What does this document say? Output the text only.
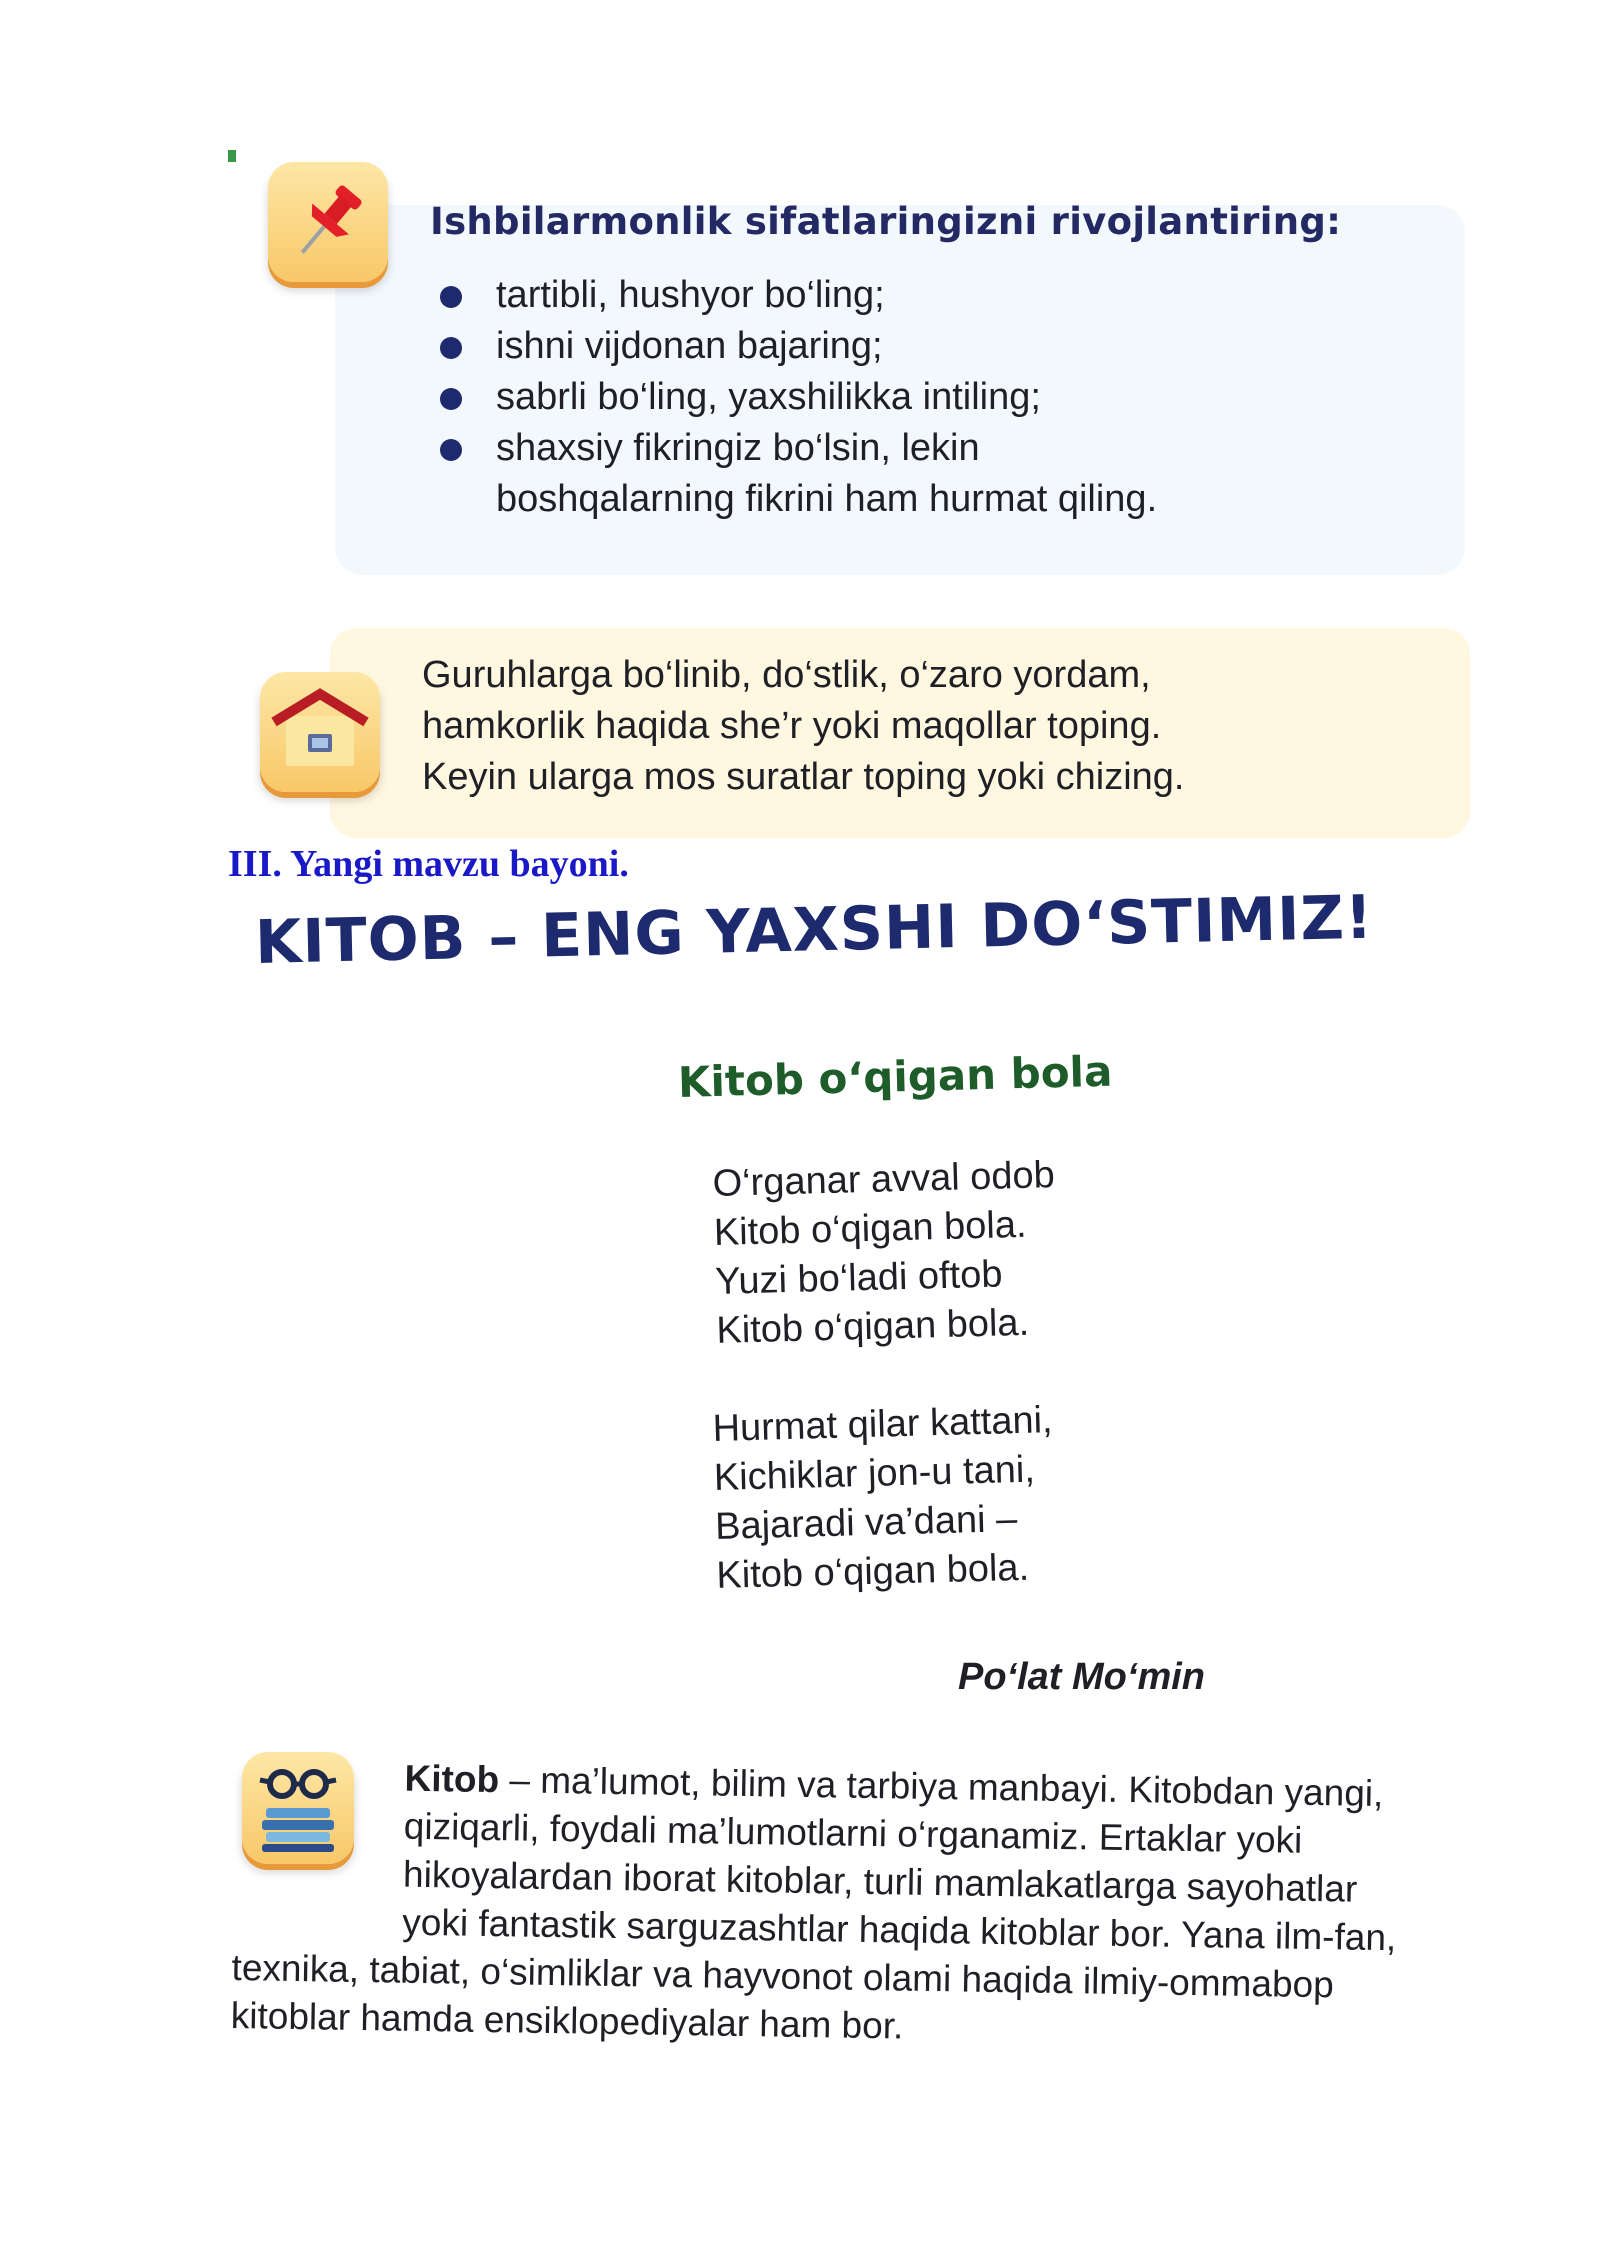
Ishbilarmonlik sifatlaringizni rivojlantiring:
tartibli, hushyor bo‘ling;
ishni vijdonan bajaring;
sabrli bo‘ling, yaxshilikka intiling;
shaxsiy fikringiz bo‘lsin, lekin
boshqalarning fikrini ham hurmat qiling.
Guruhlarga bo‘linib, do‘stlik, o‘zaro yordam,
hamkorlik haqida she’r yoki maqollar toping.
Keyin ularga mos suratlar toping yoki chizing.
III. Yangi mavzu bayoni.
KITOB – ENG YAXSHI DO‘STIMIZ!
Kitob o‘qigan bola
O‘rganar avval odob
Kitob o‘qigan bola.
Yuzi bo‘ladi oftob
Kitob o‘qigan bola.
Hurmat qilar kattani,
Kichiklar jon-u tani,
Bajaradi va’dani –
Kitob o‘qigan bola.
Po‘lat Mo‘min
Kitob – ma’lumot, bilim va tarbiya manbayi. Kitobdan yangi,
qiziqarli, foydali ma’lumotlarni o‘rganamiz. Ertaklar yoki
hikoyalardan iborat kitoblar, turli mamlakatlarga sayohatlar
yoki fantastik sarguzashtlar haqida kitoblar bor. Yana ilm-fan,
texnika, tabiat, o‘simliklar va hayvonot olami haqida ilmiy-ommabop
kitoblar hamda ensiklopediyalar ham bor.
